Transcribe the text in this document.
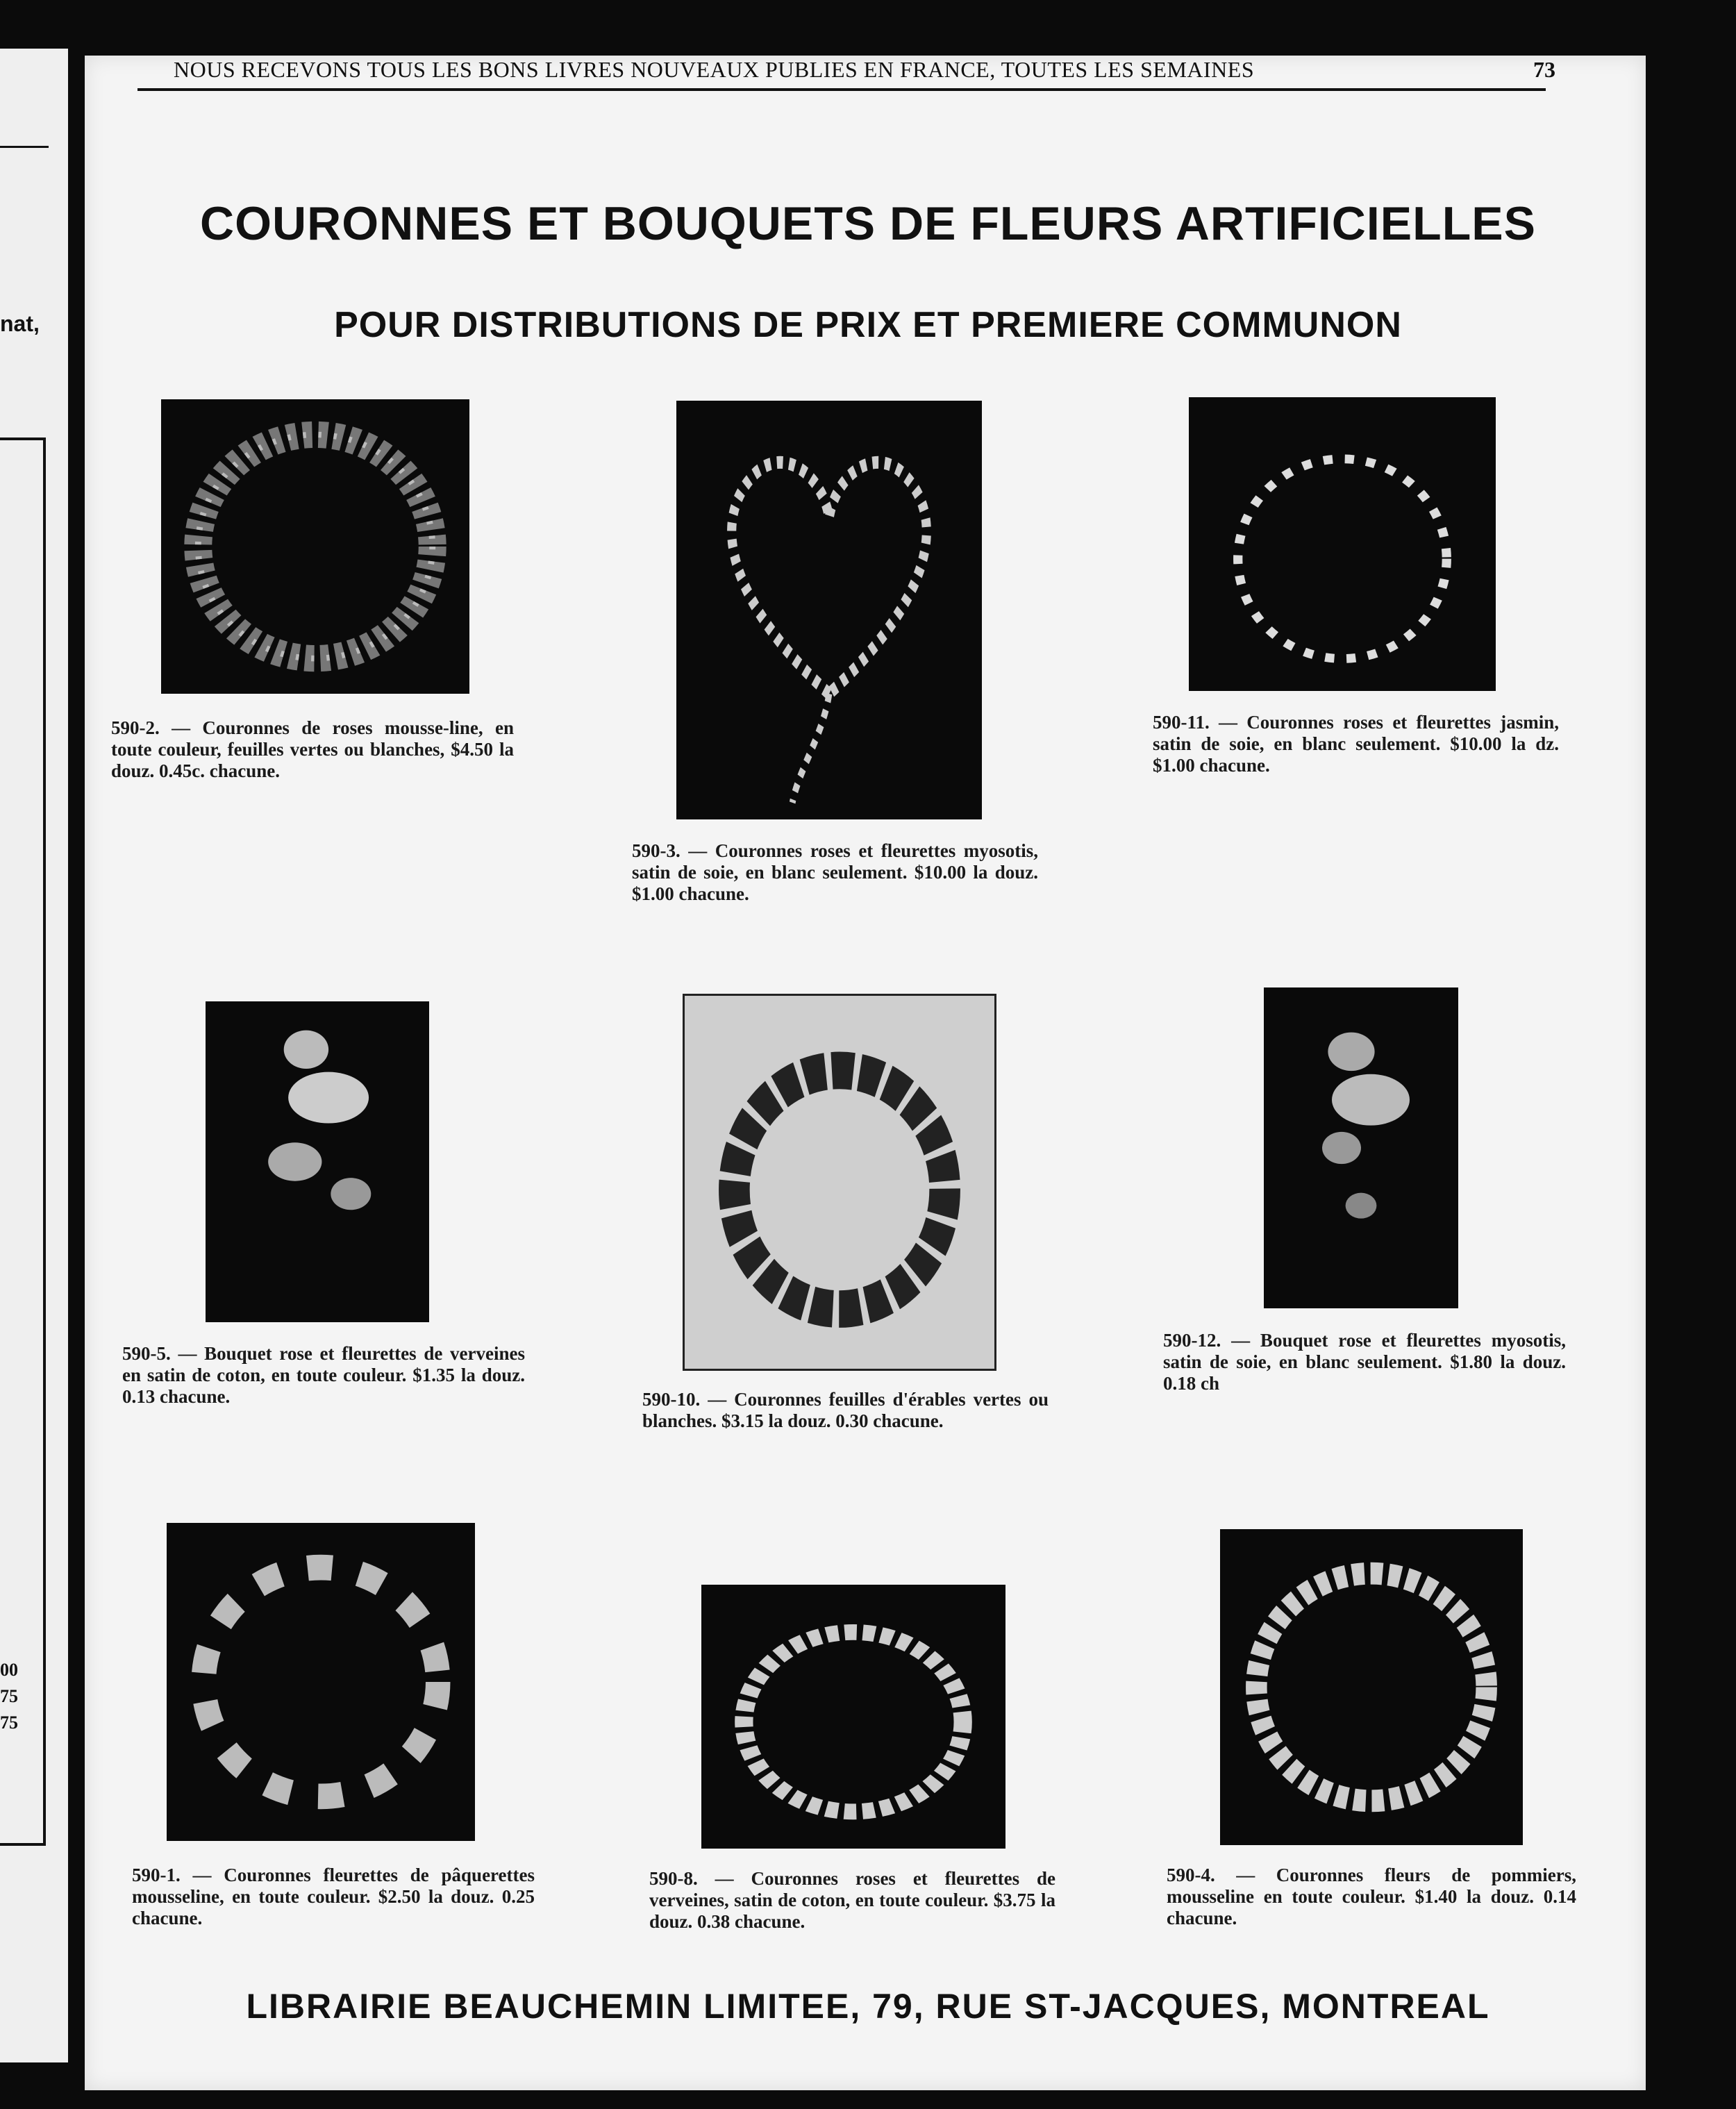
nat,
00
75
75
NOUS RECEVONS TOUS LES BONS LIVRES NOUVEAUX PUBLIES EN FRANCE, TOUTES LES SEMAINES	73
COURONNES ET BOUQUETS DE FLEURS ARTIFICIELLES
POUR DISTRIBUTIONS DE PRIX ET PREMIERE COMMUNON
590-2. — Couronnes de roses mousse-line, en toute couleur, feuilles vertes ou blanches, $4.50 la douz. 0.45c. chacune.
590-3. — Couronnes roses et fleurettes myosotis, satin de soie, en blanc seulement. $10.00 la douz. $1.00 chacune.
590-11. — Couronnes roses et fleurettes jasmin, satin de soie, en blanc seulement. $10.00 la dz. $1.00 chacune.
590-5. — Bouquet rose et fleurettes de verveines en satin de coton, en toute couleur. $1.35 la douz. 0.13 chacune.	590-10. — Couronnes feuilles d'érables vertes ou blanches. $3.15 la douz. 0.30 chacune.
590-12. — Bouquet rose et fleurettes myosotis, satin de soie, en blanc seulement. $1.80 la douz. 0.18 ch
590-1. — Couronnes fleurettes de pâquerettes mousseline, en toute couleur. $2.50 la douz. 0.25 chacune.
590-8. — Couronnes roses et fleurettes de verveines, satin de coton, en toute couleur. $3.75 la douz. 0.38 chacune.
590-4. — Couronnes fleurs de pommiers, mousseline en toute couleur. $1.40 la douz. 0.14 chacune.
LIBRAIRIE BEAUCHEMIN LIMITEE, 79, RUE ST-JACQUES, MONTREAL
